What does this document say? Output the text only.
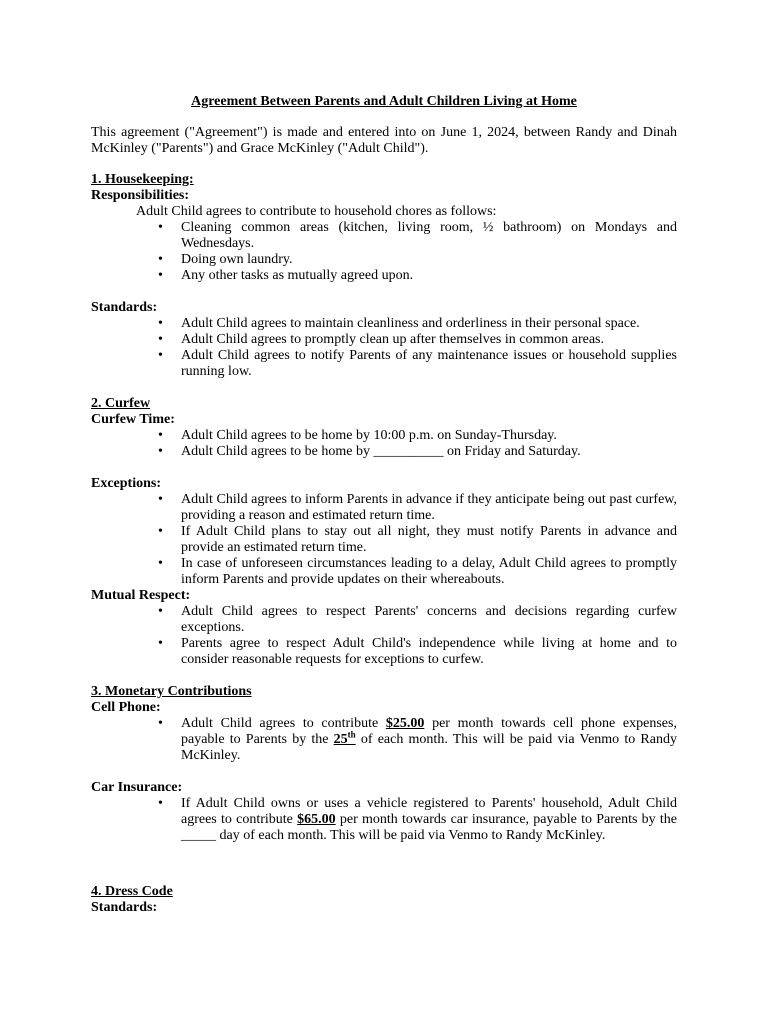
Agreement Between Parents and Adult Children Living at Home

This agreement ("Agreement") is made and entered into on June 1, 2024, between Randy and Dinah McKinley ("Parents") and Grace McKinley ("Adult Child").

1. Housekeeping:
Responsibilities:
Adult Child agrees to contribute to household chores as follows:
• Cleaning common areas (kitchen, living room, ½ bathroom) on Mondays and Wednesdays.
• Doing own laundry.
• Any other tasks as mutually agreed upon.
Standards:
• Adult Child agrees to maintain cleanliness and orderliness in their personal space.
• Adult Child agrees to promptly clean up after themselves in common areas.
• Adult Child agrees to notify Parents of any maintenance issues or household supplies running low.
2. Curfew
Curfew Time:
• Adult Child agrees to be home by 10:00 p.m. on Sunday-Thursday.
• Adult Child agrees to be home by __________ on Friday and Saturday.
Exceptions:
• Adult Child agrees to inform Parents in advance if they anticipate being out past curfew, providing a reason and estimated return time.
• If Adult Child plans to stay out all night, they must notify Parents in advance and provide an estimated return time.
• In case of unforeseen circumstances leading to a delay, Adult Child agrees to promptly inform Parents and provide updates on their whereabouts.
Mutual Respect:
• Adult Child agrees to respect Parents' concerns and decisions regarding curfew exceptions.
• Parents agree to respect Adult Child's independence while living at home and to consider reasonable requests for exceptions to curfew.
3. Monetary Contributions
Cell Phone:
• Adult Child agrees to contribute $25.00 per month towards cell phone expenses, payable to Parents by the 25th of each month. This will be paid via Venmo to Randy McKinley.
Car Insurance:
• If Adult Child owns or uses a vehicle registered to Parents' household, Adult Child agrees to contribute $65.00 per month towards car insurance, payable to Parents by the _____ day of each month. This will be paid via Venmo to Randy McKinley.
4. Dress Code
Standards:
